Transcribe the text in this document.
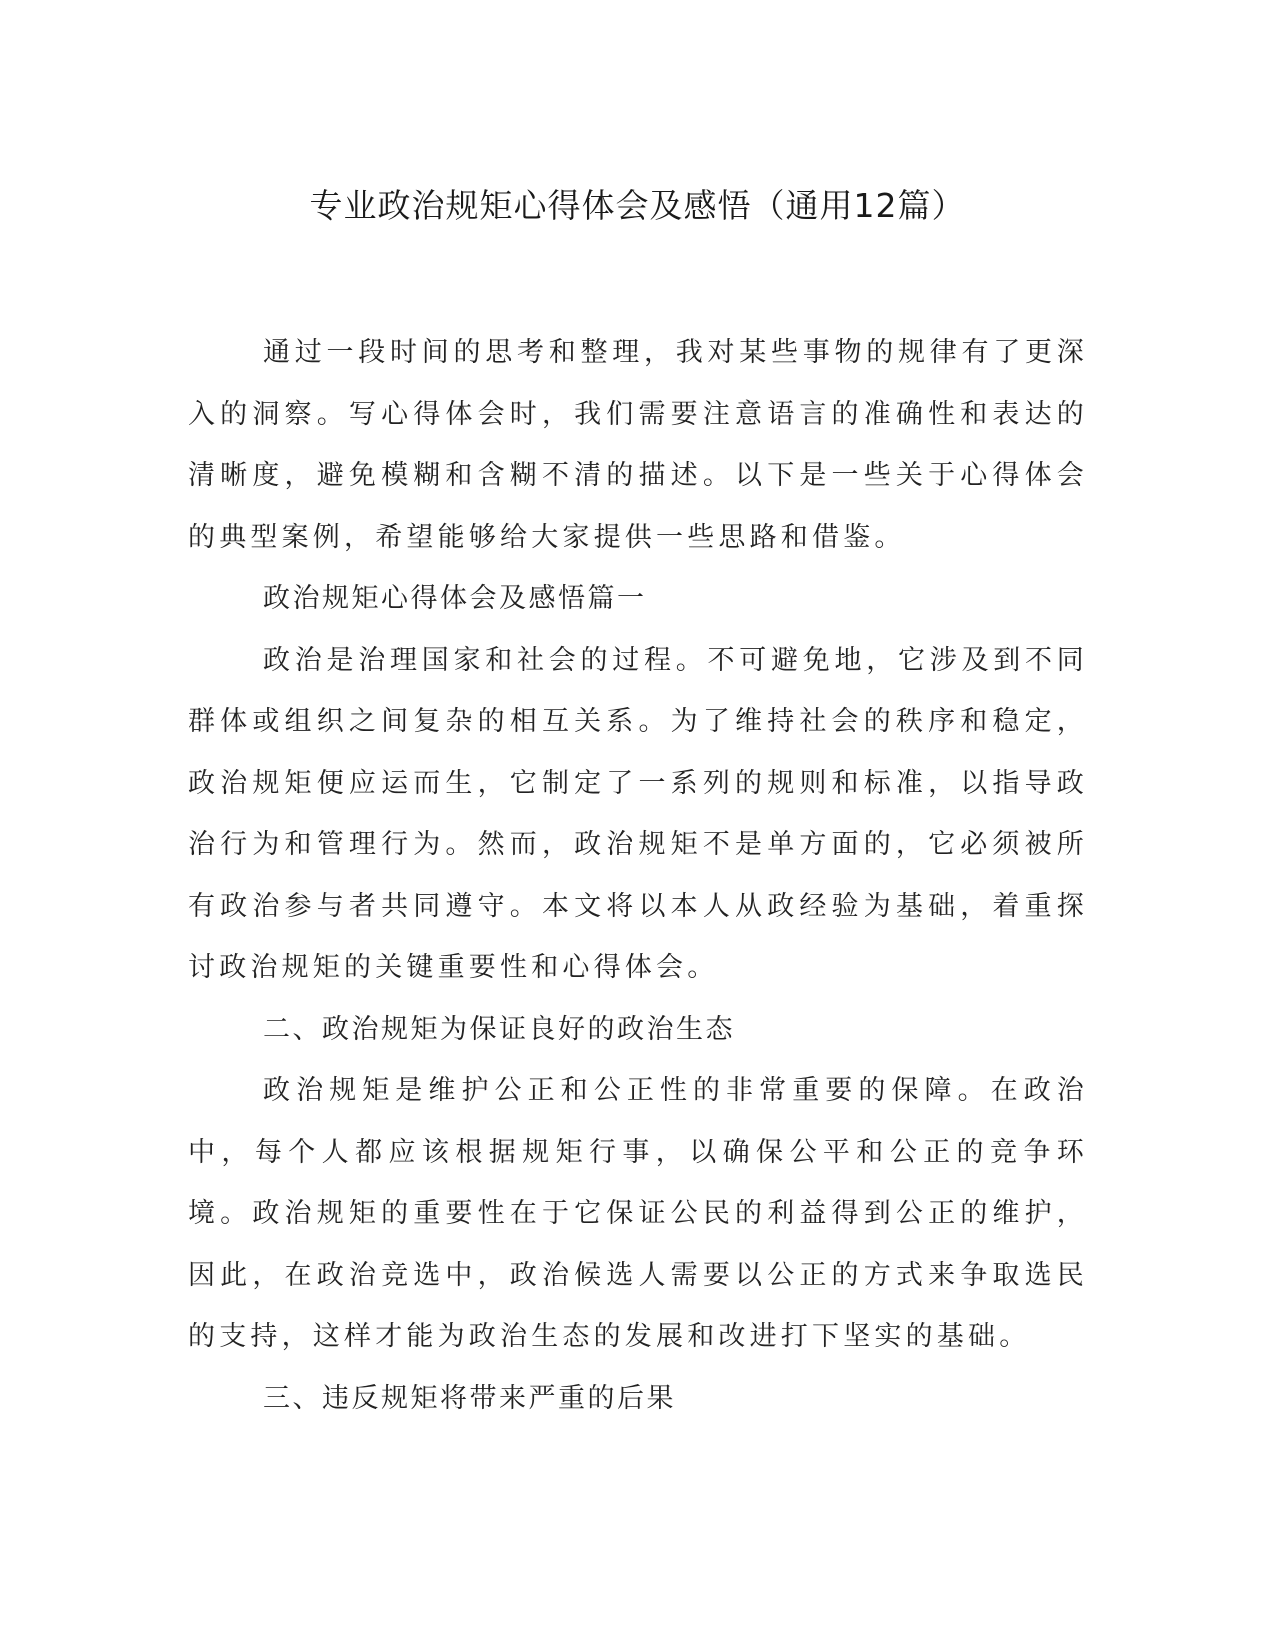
专业政治规矩心得体会及感悟（通用12篇）

通过一段时间的思考和整理，我对某些事物的规律有了更深入的洞察。写心得体会时，我们需要注意语言的准确性和表达的清晰度，避免模糊和含糊不清的描述。以下是一些关于心得体会的典型案例，希望能够给大家提供一些思路和借鉴。

政治规矩心得体会及感悟篇一

政治是治理国家和社会的过程。不可避免地，它涉及到不同群体或组织之间复杂的相互关系。为了维持社会的秩序和稳定，政治规矩便应运而生，它制定了一系列的规则和标准，以指导政治行为和管理行为。然而，政治规矩不是单方面的，它必须被所有政治参与者共同遵守。本文将以本人从政经验为基础，着重探讨政治规矩的关键重要性和心得体会。

二、政治规矩为保证良好的政治生态

政治规矩是维护公正和公正性的非常重要的保障。在政治中，每个人都应该根据规矩行事，以确保公平和公正的竞争环境。政治规矩的重要性在于它保证公民的利益得到公正的维护，因此，在政治竞选中，政治候选人需要以公正的方式来争取选民的支持，这样才能为政治生态的发展和改进打下坚实的基础。

三、违反规矩将带来严重的后果
